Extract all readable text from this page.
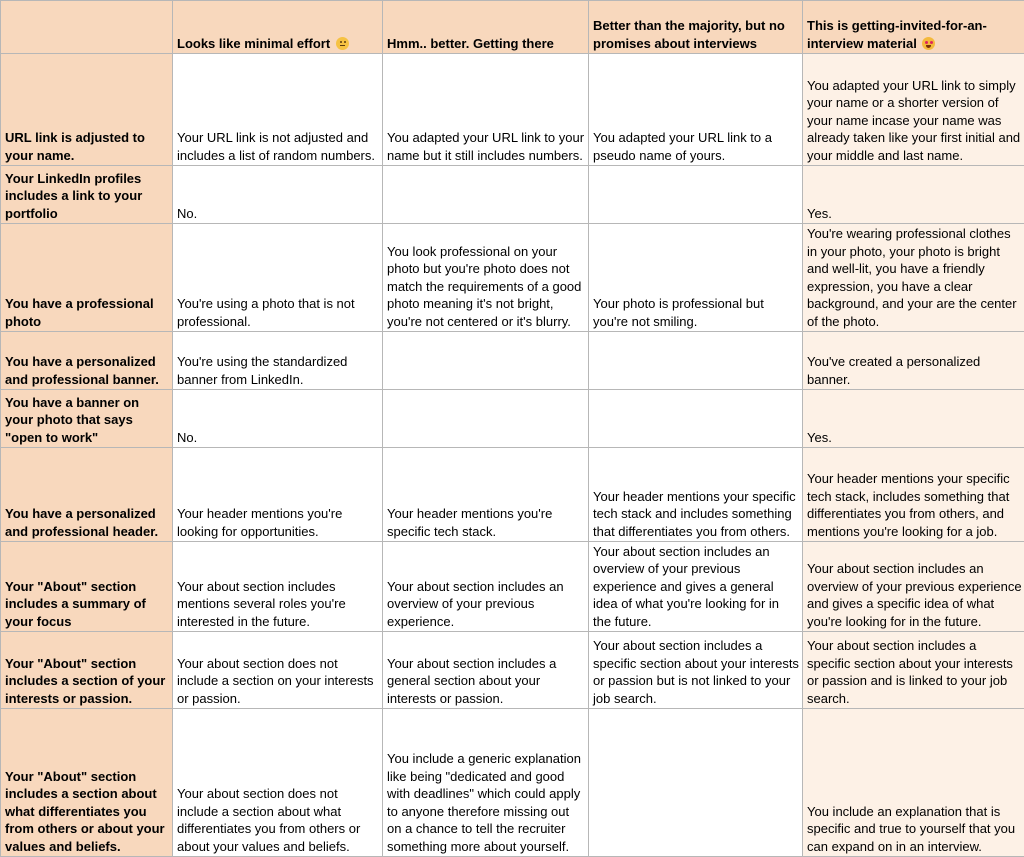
	Looks like minimal effort	Hmm.. better. Getting there	Better than the majority, but no promises about interviews	This is getting-invited-for-an-interview material

URL link is adjusted to your name.	Your URL link is not adjusted and includes a list of random numbers.	You adapted your URL link to your name but it still includes numbers.	You adapted your URL link to a pseudo name of yours.	You adapted your URL link to simply your name or a shorter version of your name incase your name was already taken like your first initial and your middle and last name.
Your LinkedIn profiles includes a link to your portfolio	No.			Yes.
You have a professional photo	You're using a photo that is not professional.	You look professional on your photo but you're photo does not match the requirements of a good photo meaning it's not bright, you're not centered or it's blurry.	Your photo is professional but you're not smiling.	You're wearing professional clothes in your photo, your photo is bright and well-lit, you have a friendly expression, you have a clear background, and your are the center of the photo.
You have a personalized and professional banner.	You're using the standardized banner from LinkedIn.			You've created a personalized banner.
You have a banner on your photo that says "open to work"	No.			Yes.
You have a personalized and professional header.	Your header mentions you're looking for opportunities.	Your header mentions you're specific tech stack.	Your header mentions your specific tech stack and includes something that differentiates you from others.	Your header mentions your specific tech stack, includes something that differentiates you from others, and mentions you're looking for a job.
Your "About" section includes a summary of your focus	Your about section includes mentions several roles you're interested in the future.	Your about section includes an overview of your previous experience.	Your about section includes an overview of your previous experience and gives a general idea of what you're looking for in the future.	Your about section includes an overview of your previous experience and gives a specific idea of what you're looking for in the future.
Your "About" section includes a section of your interests or passion.	Your about section does not include a section on your interests or passion.	Your about section includes a general section about your interests or passion.	Your about section includes a specific section about your interests or passion but is not linked to your job search.	Your about section includes a specific section about your interests or passion and is linked to your job search.
Your "About" section includes a section about what differentiates you from others or about your values and beliefs.	Your about section does not include a section about what differentiates you from others or about your values and beliefs.	You include a generic explanation like being "dedicated and good with deadlines" which could apply to anyone therefore missing out on a chance to tell the recruiter something more about yourself.		You include an explanation that is specific and true to yourself that you can expand on in an interview.
